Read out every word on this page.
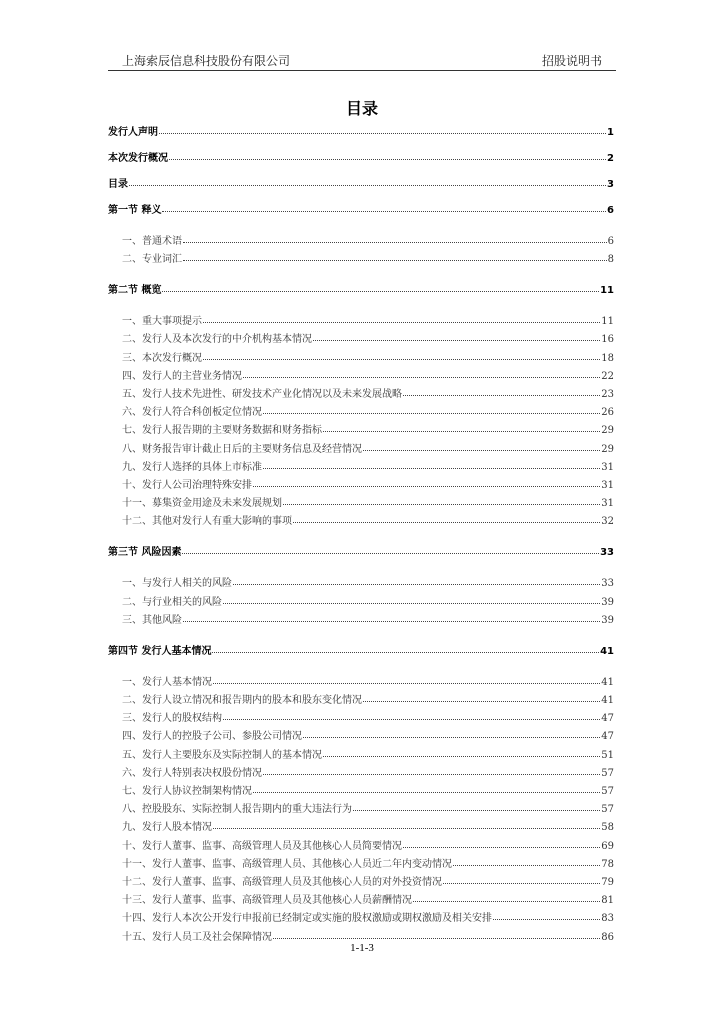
上海索辰信息科技股份有限公司	招股说明书
目录
发行人声明	1
本次发行概况	2
目录	3
第一节 释义	6
一、普通术语	6
二、专业词汇	8
第二节 概览	11
一、重大事项提示	11
二、发行人及本次发行的中介机构基本情况	16
三、本次发行概况	18
四、发行人的主营业务情况	22
五、发行人技术先进性、研发技术产业化情况以及未来发展战略	23
六、发行人符合科创板定位情况	26
七、发行人报告期的主要财务数据和财务指标	29
八、财务报告审计截止日后的主要财务信息及经营情况	29
九、发行人选择的具体上市标准	31
十、发行人公司治理特殊安排	31
十一、募集资金用途及未来发展规划	31
十二、其他对发行人有重大影响的事项	32
第三节 风险因素	33
一、与发行人相关的风险	33
二、与行业相关的风险	39
三、其他风险	39
第四节 发行人基本情况	41
一、发行人基本情况	41
二、发行人设立情况和报告期内的股本和股东变化情况	41
三、发行人的股权结构	47
四、发行人的控股子公司、参股公司情况	47
五、发行人主要股东及实际控制人的基本情况	51
六、发行人特别表决权股份情况	57
七、发行人协议控制架构情况	57
八、控股股东、实际控制人报告期内的重大违法行为	57
九、发行人股本情况	58
十、发行人董事、监事、高级管理人员及其他核心人员简要情况	69
十一、发行人董事、监事、高级管理人员、其他核心人员近二年内变动情况	78
十二、发行人董事、监事、高级管理人员及其他核心人员的对外投资情况	79
十三、发行人董事、监事、高级管理人员及其他核心人员薪酬情况	81
十四、发行人本次公开发行申报前已经制定或实施的股权激励或期权激励及相关安排	83
十五、发行人员工及社会保障情况	86
1-1-3
